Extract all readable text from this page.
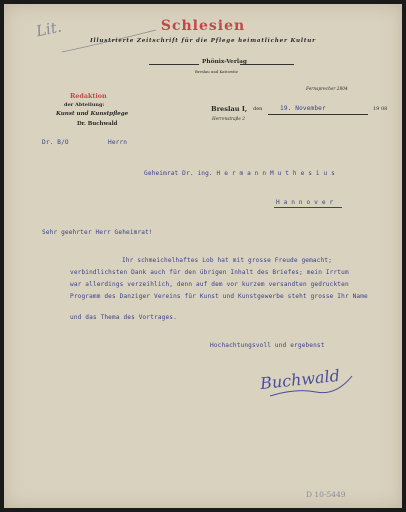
Lit.	Schlesien
Illustrierte Zeitschrift für die Pflege heimatlicher Kultur
Phönix-Verlag
Breslau und Kattowitz
Fernsprecher 2804
Redaktion
der Abteilung:
Kunst und Kunstpflege
Dr. Buchwald
Breslau I, den	19. November	19 08
Herrenstraße 2
Dr. B/O	Herrn
Geheimrat Dr. ing. H e r m a n n M u t h e s i u s
H a n n o v e r
Sehr geehrter Herr Geheimrat!
Ihr schmeichelhaftes Lob hat mit grosse Freude gemacht;
verbindlichsten Dank auch für den übrigen Inhalt des Briefes; mein Irrtum
war allerdings verzeihlich, denn auf dem vor kurzem versandten gedruckten
Programm des Danziger Vereins für Kunst und Kunstgewerbe steht grosse Ihr Name
und das Thema des Vortrages.
Hochachtungsvoll und ergebenst
Buchwald
D 10-5449
